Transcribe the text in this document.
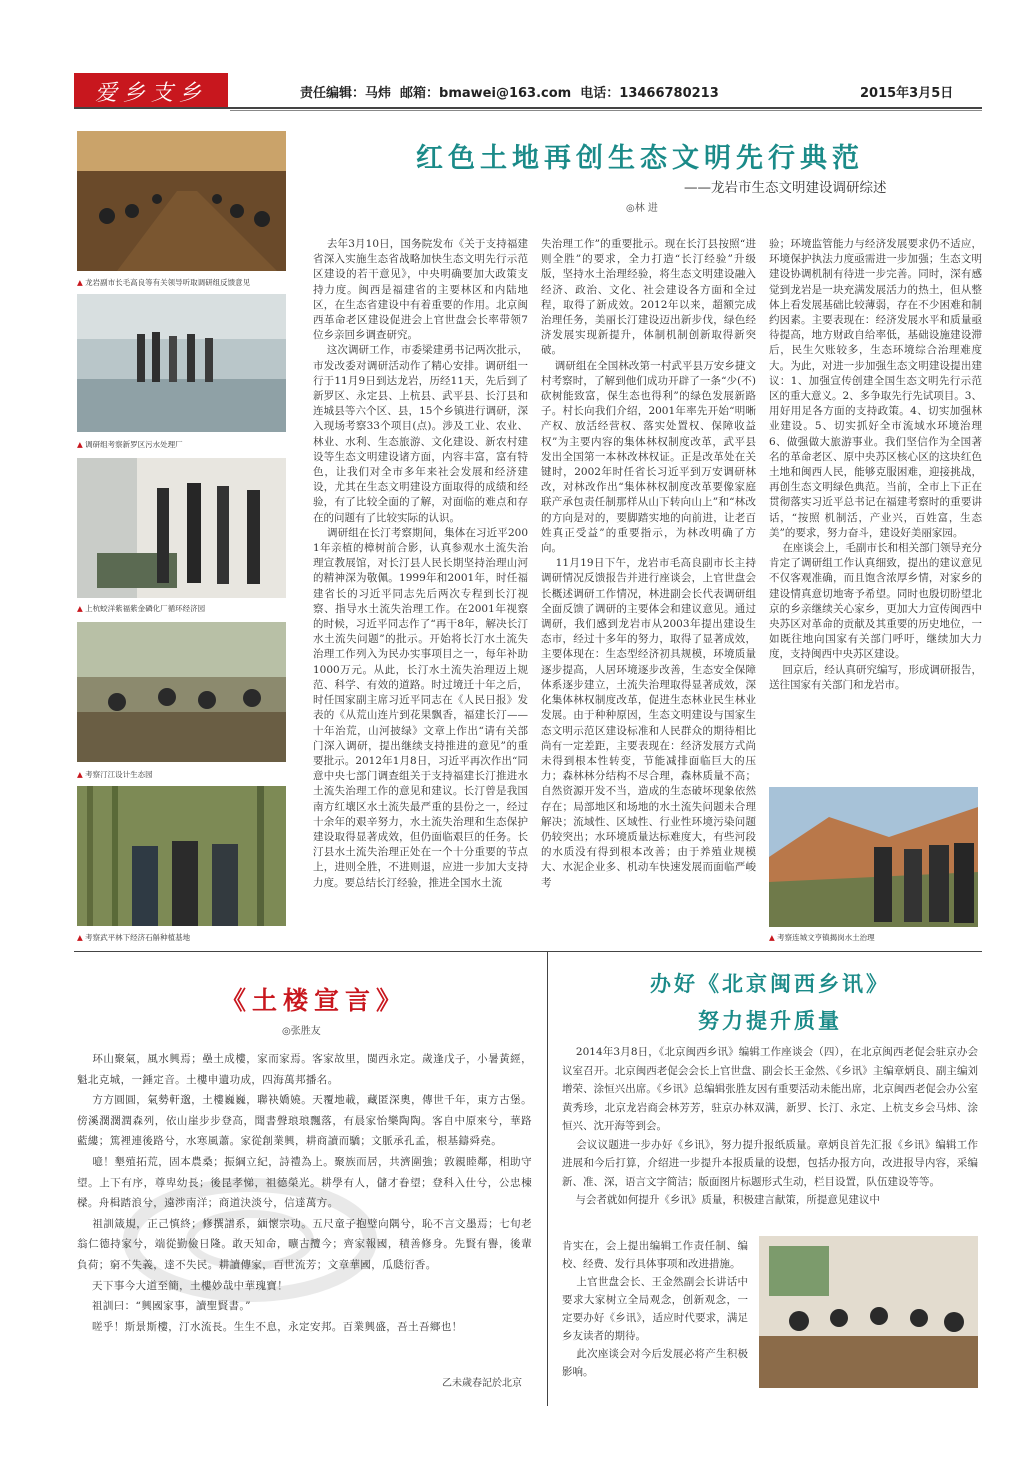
爱乡支乡	责任编辑：马炜  邮箱：bmawei@163.com  电话：13466780213	2015年3月5日
红色土地再创生态文明先行典范
——龙岩市生态文明建设调研综述
◎林 进
▲ 龙岩副市长毛高良等有关领导听取调研组反馈意见
▲ 调研组考察新罗区污水处理厂
▲ 上杭蛟洋紫福紫金磷化厂循环经济园
▲ 考察汀江设计生态园
▲ 考察武平林下经济石斛种植基地
去年3月10日，国务院发布《关于支持福建省深入实施生态省战略加快生态文明先行示范区建设的若干意见》，中央明确要加大政策支持力度。闽西是福建省的主要林区和内陆地区，在生态省建设中有着重要的作用。北京闽西革命老区建设促进会上官世盘会长率带领7位乡亲回乡调查研究。
这次调研工作，市委梁建勇书记两次批示，市发改委对调研活动作了精心安排。调研组一行于11月9日到达龙岩，历经11天，先后到了新罗区、永定县、上杭县、武平县、长汀县和连城县等六个区、县，15个乡镇进行调研，深入现场考察33个项目(点)。涉及工业、农业、林业、水利、生态旅游、文化建设、新农村建设等生态文明建设诸方面，内容丰富，富有特色，让我们对全市多年来社会发展和经济建设，尤其在生态文明建设方面取得的成绩和经验，有了比较全面的了解，对面临的难点和存在的问题有了比较实际的认识。
调研组在长汀考察期间，集体在习近平2001年亲植的樟树前合影，认真参观水土流失治理宣教展馆，对长汀县人民长期坚持治理山河的精神深为敬佩。1999年和2001年，时任福建省长的习近平同志先后两次专程到长汀视察、指导水土流失治理工作。在2001年视察的时候，习近平同志作了“再干8年，解决长汀水土流失问题”的批示。开始将长汀水土流失治理工作列入为民办实事项目之一，每年补助1000万元。从此，长汀水土流失治理迈上规范、科学、有效的道路。时过境迁十年之后，时任国家副主席习近平同志在《人民日报》发表的《从荒山连片到花果飘香，福建长汀——十年治荒，山河披绿》文章上作出“请有关部门深入调研，提出继续支持推进的意见”的重要批示。2012年1月8日，习近平再次作出“同意中央七部门调查组关于支持福建长汀推进水土流失治理工作的意见和建议。长汀曾是我国南方红壤区水土流失最严重的县份之一，经过十余年的艰辛努力，水土流失治理和生态保护建设取得显著成效，但仍面临艰巨的任务。长汀县水土流失治理正处在一个十分重要的节点上，进则全胜，不进则退，应进一步加大支持力度。要总结长汀经验，推进全国水土流
失治理工作”的重要批示。现在长汀县按照“进则全胜”的要求，全力打造“长汀经验”升级版，坚持水土治理经验，将生态文明建设融入经济、政治、文化、社会建设各方面和全过程，取得了新成效。2012年以来，超额完成治理任务，美丽长汀建设迈出新步伐，绿色经济发展实现新提升，体制机制创新取得新突破。
调研组在全国林改第一村武平县万安乡捷文村考察时，了解到他们成功开辟了一条“少(不)砍树能致富，保生态也得利”的绿色发展新路子。村长向我们介绍，2001年率先开始“明晰产权、放活经营权、落实处置权、保障收益权”为主要内容的集体林权制度改革，武平县发出全国第一本林改林权证。正是改革处在关键时，2002年时任省长习近平到万安调研林改，对林改作出“集体林权制度改革要像家庭联产承包责任制那样从山下转向山上”和“林改的方向是对的，要脚踏实地的向前进，让老百姓真正受益”的重要指示，为林改明确了方向。
11月19日下午，龙岩市毛高良副市长主持调研情况反馈报告并进行座谈会，上官世盘会长概述调研工作情况，林进副会长代表调研组全面反馈了调研的主要体会和建议意见。通过调研，我们感到龙岩市从2003年提出建设生态市，经过十多年的努力，取得了显著成效，主要体现在：生态型经济初具规模，环境质量逐步提高，人居环境逐步改善，生态安全保障体系逐步建立，土流失治理取得显著成效，深化集体林权制度改革，促进生态林业民生林业发展。由于种种原因，生态文明建设与国家生态文明示范区建设标准和人民群众的期待相比尚有一定差距，主要表现在：经济发展方式尚未得到根本性转变，节能减排面临巨大的压力；森林林分结构不尽合理，森林质量不高；自然资源开发不当，造成的生态破坏现象依然存在；局部地区和场地的水土流失问题未合理解决；流域性、区域性、行业性环境污染问题仍较突出；水环境质量达标难度大，有些河段的水质没有得到根本改善；由于养殖业规模大、水泥企业多、机动车快速发展而面临严峻考
验；环境监管能力与经济发展要求仍不适应，环境保护执法力度亟需进一步加强；生态文明建设协调机制有待进一步完善。同时，深有感觉到龙岩是一块充满发展活力的热土，但从整体上看发展基础比较薄弱，存在不少困难和制约因素。主要表现在：经济发展水平和质量亟待提高，地方财政自给率低，基础设施建设滞后，民生欠账较多，生态环境综合治理难度大。为此，对进一步加强生态文明建设提出建议：1、加强宣传创建全国生态文明先行示范区的重大意义。2、多争取先行先试项目。3、用好用足各方面的支持政策。4、切实加强林业建设。5、切实抓好全市流域水环境治理 6、做强做大旅游事业。我们坚信作为全国著名的革命老区、原中央苏区核心区的这块红色土地和闽西人民，能够克服困难，迎接挑战，再创生态文明绿色典范。当前，全市上下正在贯彻落实习近平总书记在福建考察时的重要讲话，“按照 机制活，产业兴，百姓富，生态美”的要求，努力奋斗，建设好美丽家园。
在座谈会上，毛副市长和相关部门领导充分肯定了调研组工作认真细致，提出的建议意见不仅客观准确，而且饱含浓厚乡情，对家乡的建设情真意切地寄予希望。同时也殷切盼望北京的乡亲继续关心家乡，更加大力宣传闽西中央苏区对革命的贡献及其重要的历史地位，一如既往地向国家有关部门呼吁，继续加大力度，支持闽西中央苏区建设。
回京后，经认真研究编写，形成调研报告，送往国家有关部门和龙岩市。
▲ 考察连城文亨镇揭岗水土治理
《土楼宣言》
◎张胜友
环山聚氣，風水興焉；壘土成樓，家而家焉。客家故里，閩西永定。歲逢戊子，小暑黃經，魁北克城，一錘定音。土樓申遺功成，四海萬邦播名。
方方圓圓，氣勢軒邈，土樓巍巍，聯袂嬌嬈。天覆地載，藏匿深奧，傳世千年，東方古堡。傍溪濶濶潤森列，依山崖步步登高，聞書聲琅琅飄落，有晨家怡樂陶陶。客自中原來兮，華路藍縷；篤裡連後路兮，水寒風蕭。家從創業興，耕商讀而驕；文脈承孔孟，根基鑄舜堯。
噫！墾殖拓荒，固本農桑；振綱立紀，詩禮為上。聚族而居，共濟圍強；敦親睦鄰，相助守望。上下有序，尊卑幼長；後昆孝悌，祖德榮光。耕學有人，儲才眷望；登科入仕兮，公忠棟樑。舟楫踏浪兮，遠渉南洋；商道決淡兮，信達萬方。
祖訓箴規，正己慎終；修撰譜系，緬懷宗功。五尺童子抱璧向隅兮，恥不言文墨焉；七旬老翁仁德持家兮，端從勤儉日隆。敢天知命，曠古攬今；齊家報國，積善修身。先賢有譽，後輩負荷；窮不失義，達不失民。耕讀傳家，百世流芳；文章華國，瓜瓞衍香。
天下事今大道至簡，土樓妙哉中華瑰寶！
祖訓曰：“興國家事，讀聖賢書。”
嗟乎！斯景斯樓，汀水流長。生生不息，永定安邦。百業興盛，吾土吾鄉也！
乙未歲春記於北京
办好《北京闽西乡讯》
努力提升质量
2014年3月8日，《北京闽西乡讯》编辑工作座谈会（四），在北京闽西老促会驻京办会议室召开。北京闽西老促会会长上官世盘、副会长王金然、《乡讯》主编章炳良、副主编刘增荣、涂恒兴出席。《乡讯》总编辑张胜友因有重要活动未能出席，北京闽西老促会办公室黄秀珍，北京龙岩商会林芳芳，驻京办林双满，新罗、长汀、永定、上杭支乡会马炜、涂恒兴、沈开海等到会。
会议议题进一步办好《乡讯》，努力提升报纸质量。章炳良首先汇报《乡讯》编辑工作进展和今后打算，介绍进一步提升本报质量的设想，包括办报方向，改进报导内容，采编新、准、深，语言文字简洁；版面图片标题形式生动，栏目设置，队伍建设等等。
与会者就如何提升《乡讯》质量，积极建言献策，所提意见建议中
肯实在，会上提出编辑工作责任制、编校、经费、发行具体事项和改进措施。
上官世盘会长、王金然副会长讲话中要求大家树立全局观念，创新观念，一定要办好《乡讯》，适应时代要求，满足乡友读者的期待。
此次座谈会对今后发展必将产生积极影响。
